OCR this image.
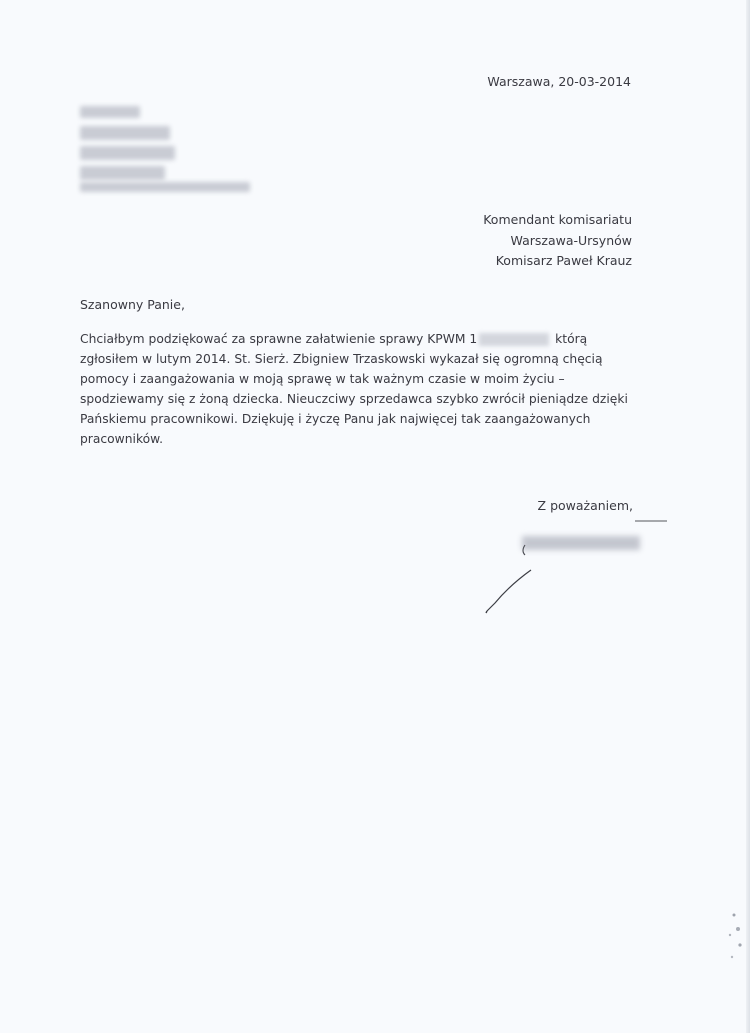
Warszawa, 20-03-2014
Komendant komisariatu
Warszawa-Ursynów
Komisarz Paweł Krauz
Szanowny Panie,
Chciałbym podziękować za sprawne załatwienie sprawy KPWM 1	którą zgłosiłem w lutym 2014. St. Sierż. Zbigniew Trzaskowski wykazał się ogromną chęcią pomocy i zaangażowania w moją sprawę w tak ważnym czasie w moim życiu – spodziewamy się z żoną dziecka. Nieuczciwy sprzedawca szybko zwrócił pieniądze dzięki Pańskiemu pracownikowi. Dziękuję i życzę Panu jak najwięcej tak zaangażowanych pracowników.
Z poważaniem,
